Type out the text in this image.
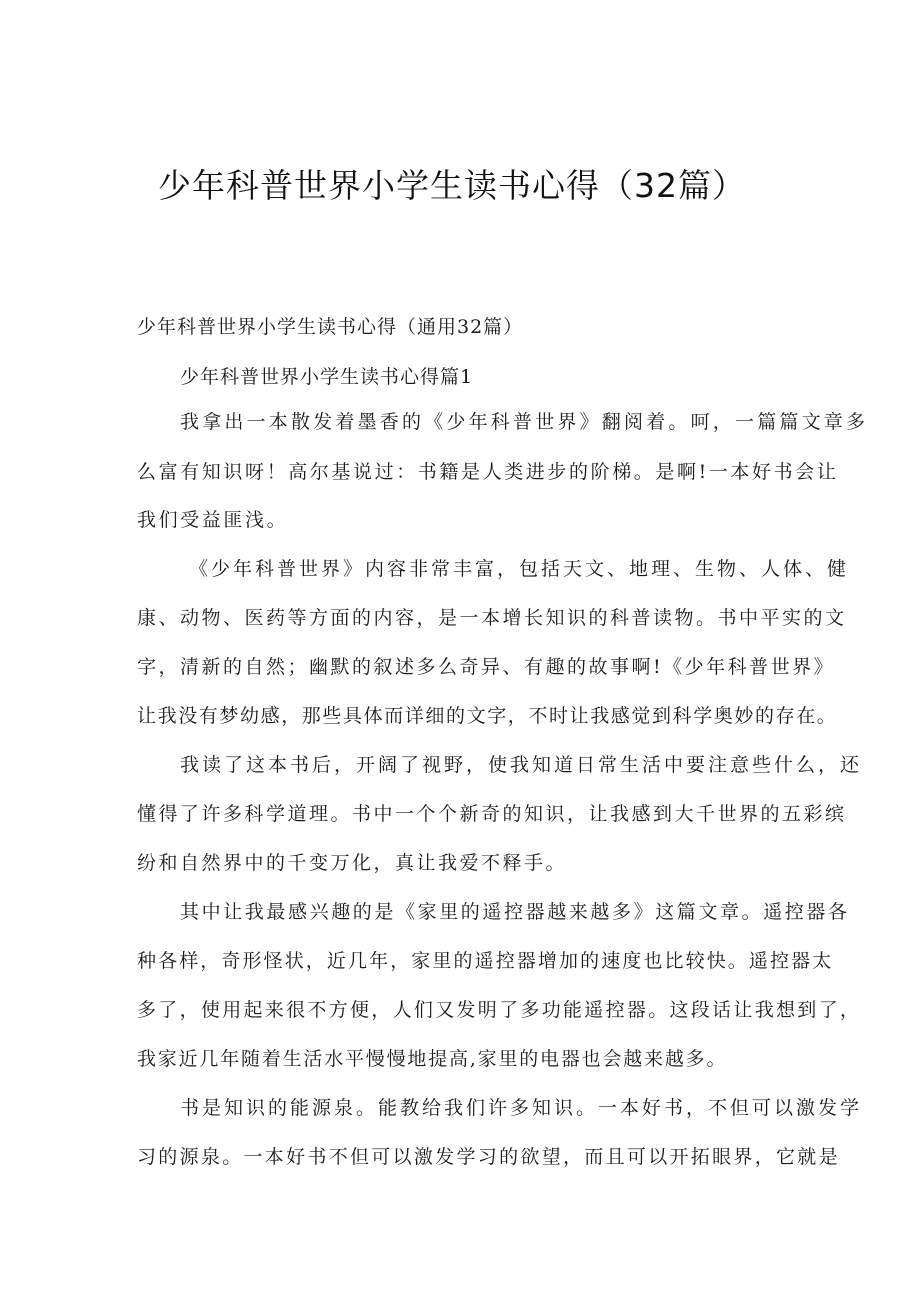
少年科普世界小学生读书心得（32篇）

少年科普世界小学生读书心得（通用32篇）

少年科普世界小学生读书心得篇1

我拿出一本散发着墨香的《少年科普世界》翻阅着。呵，一篇篇文章多

么富有知识呀！高尔基说过：书籍是人类进步的阶梯。是啊!一本好书会让

我们受益匪浅。

《少年科普世界》内容非常丰富，包括天文、地理、生物、人体、健

康、动物、医药等方面的内容，是一本增长知识的科普读物。书中平实的文

字，清新的自然；幽默的叙述多么奇异、有趣的故事啊!《少年科普世界》

让我没有梦幼感，那些具体而详细的文字，不时让我感觉到科学奥妙的存在。

我读了这本书后，开阔了视野，使我知道日常生活中要注意些什么，还

懂得了许多科学道理。书中一个个新奇的知识，让我感到大千世界的五彩缤

纷和自然界中的千变万化，真让我爱不释手。

其中让我最感兴趣的是《家里的遥控器越来越多》这篇文章。遥控器各

种各样，奇形怪状，近几年，家里的遥控器增加的速度也比较快。遥控器太

多了，使用起来很不方便，人们又发明了多功能遥控器。这段话让我想到了，

我家近几年随着生活水平慢慢地提高,家里的电器也会越来越多。

书是知识的能源泉。能教给我们许多知识。一本好书，不但可以激发学

习的源泉。一本好书不但可以激发学习的欲望，而且可以开拓眼界，它就是
